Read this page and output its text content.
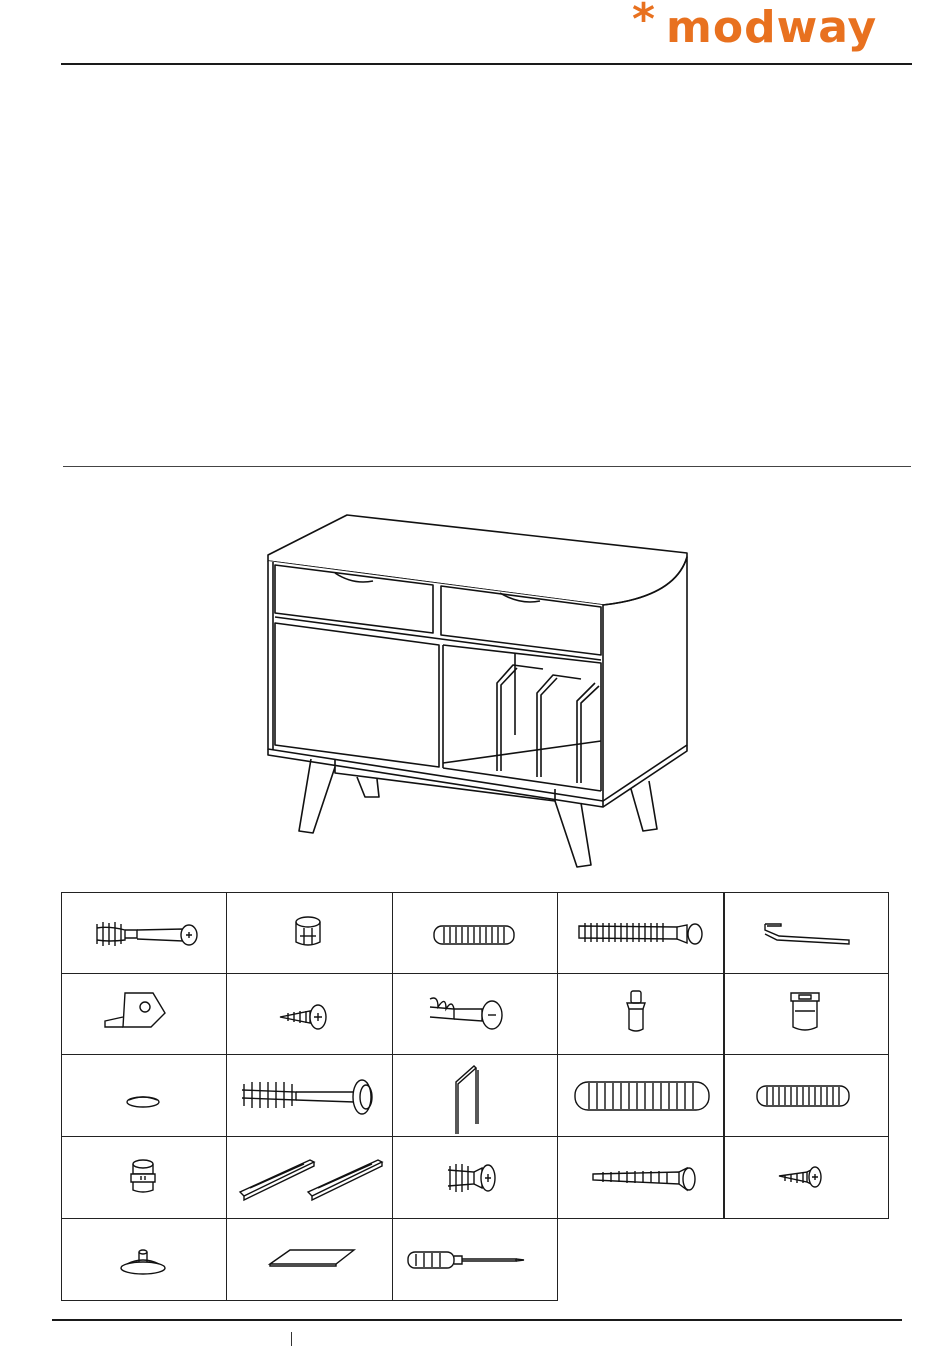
* modway
